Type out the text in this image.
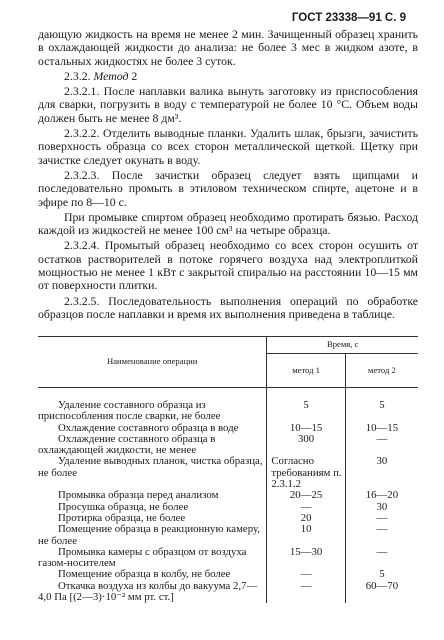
ГОСТ 23338—91 С. 9

дающую жидкость на время не менее 2 мин. Зачищенный образец хранить в охлаждающей жидкости до анализа: не более 3 мес в жидком азоте, в остальных жидкостях не более 3 суток.

2.3.2. Метод 2

2.3.2.1. После наплавки валика вынуть заготовку из приспособления для сварки, погрузить в воду с температурой не более 10 °С. Объем воды должен быть не менее 8 дм³.

2.3.2.2. Отделить выводные планки. Удалить шлак, брызги, зачистить поверхность образца со всех сторон металлической щеткой. Щетку при зачистке следует окунать в воду.

2.3.2.3. После зачистки образец следует взять щипцами и последовательно промыть в этиловом техническом спирте, ацетоне и в эфире по 8—10 с.

При промывке спиртом образец необходимо протирать бязью. Расход каждой из жидкостей не менее 100 см³ на четыре образца.

2.3.2.4. Промытый образец необходимо со всех сторон осушить от остатков растворителей в потоке горячего воздуха над электроплиткой мощностью не менее 1 кВт с закрытой спиралью на расстоянии 10—15 мм от поверхности плитки.

2.3.2.5. Последовательность выполнения операций по обработке образцов после наплавки и время их выполнения приведена в таблице.

Наименование операции	Время, с	
	метод 1	метод 2
Удаление составного образца из приспособления после сварки, не более	5	5
Охлаждение составного образца в воде	10—15	10—15
Охлаждение составного образца в охлаждающей жидкости, не менее	300	—
Удаление выводных планок, чистка образца, не более	Согласно требованиям п. 2.3.1.2	30
Промывка образца перед анализом	20—25	16—20
Просушка образца, не более	—	30
Протирка образца, не более	20	—
Помещение образца в реакционную камеру, не более	10	—
Промывка камеры с образцом от воздуха газом-носителем	15—30	—
Помещение образца в колбу, не более	—	5
Откачка воздуха из колбы до вакуума 2,7—4,0 Па [(2—3)·10⁻² мм рт. ст.]	—	60—70
